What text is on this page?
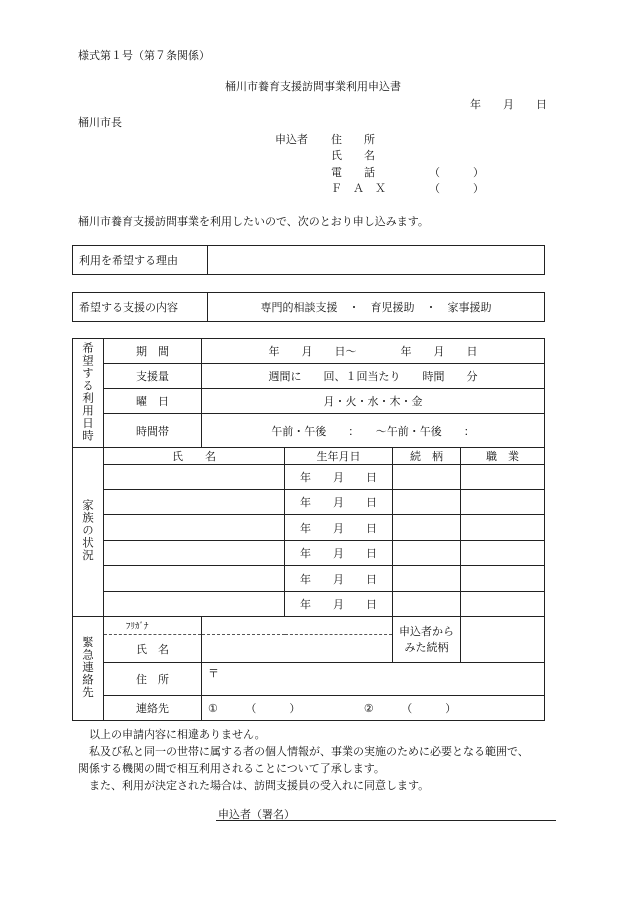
様式第１号（第７条関係）
桶川市養育支援訪問事業利用申込書
年　　月　　日
桶川市長
申込者 住　　所
氏　　名
電　　話	（　　　）
Ｆ　Ａ　Ｘ	（　　　）
桶川市養育支援訪問事業を利用したいので、次のとおり申し込みます。
利用を希望する理由	
希望する支援の内容	専門的相談支援　・　育児援助　・　家事援助
希望する利用日時	期　間	年　　月　　日～　　　　年　　月　　日			
	支援量	週間に　　回、１回当たり　　時間　　分			
	曜　日	月・火・水・木・金			
	時間帯	午前・午後　　：　　～午前・午後　　：			
家族の状況	氏　　名		生年月日	続　柄	職　業
			年　　月　　日		
			年　　月　　日		
			年　　月　　日		
			年　　月　　日		
			年　　月　　日		
			年　　月　　日		
緊急連絡先	ﾌﾘｶﾞﾅ			申込者から
みた続柄	
	氏　名				
	住　所	〒			
	連絡先	①　　　（　　　） ②　　　（　　　）			
以上の申請内容に相違ありません。
私及び私と同一の世帯に属する者の個人情報が、事業の実施のために必要となる範囲で、
関係する機関の間で相互利用されることについて了承します。
また、利用が決定された場合は、訪問支援員の受入れに同意します。
申込者（署名）
